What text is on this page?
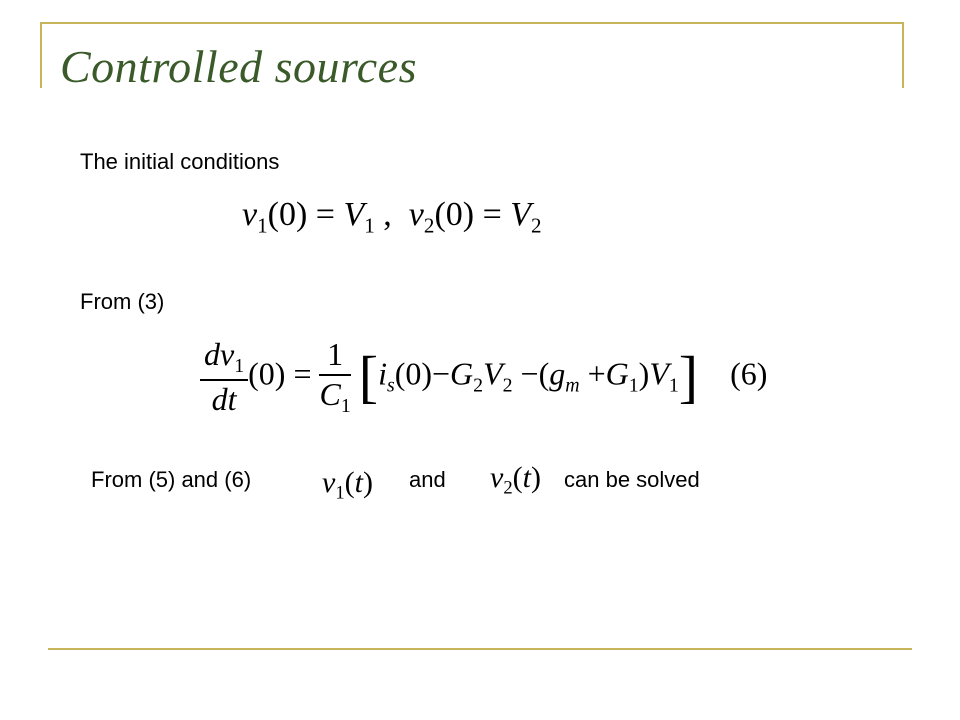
Controlled sources
The initial conditions
$v_1(0) = V_1$ ,  $v_2(0) = V_2$
From (3)
$\frac{dv_1}{dt} (0) = \frac{1}{C_1} [i_s(0)-G_2V_2 -(g_m +G_1)V_1]$    (6)
From (5) and (6) $v_1(t)$ and $v_2(t)$ can be solved
